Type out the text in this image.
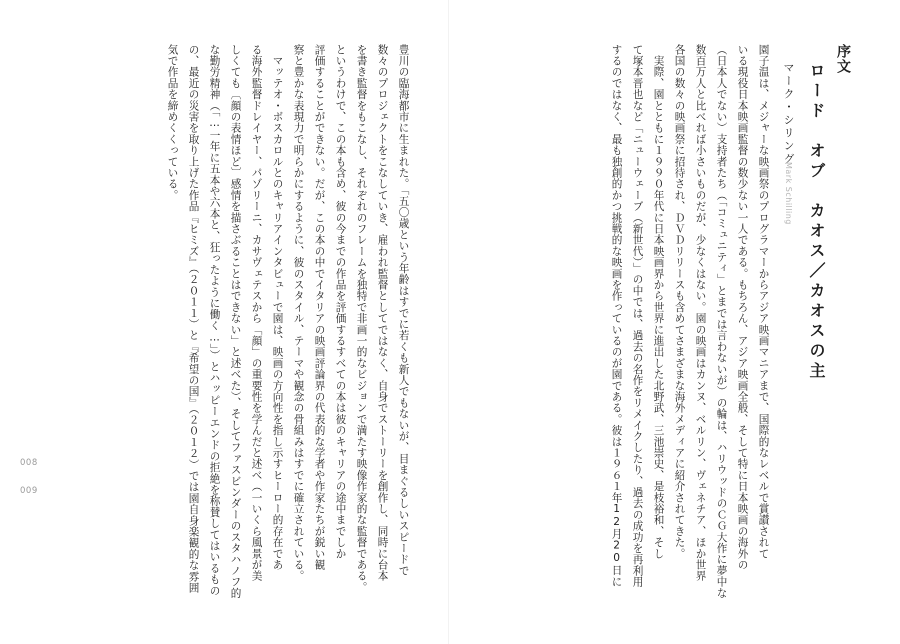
序文
ロード　オブ　カオス／カオスの主
マーク・シリング
Mark Schilling
園子温は、メジャーな映画祭のプログラマーからアジア映画マニアまで、国際的なレベルで賞讃されて
いる現役日本映画監督の数少ない一人である。もちろん、アジア映画全般、そして特に日本映画の海外の
（日本人でない）支持者たち（「コミュニティ」とまでは言わないが）の輪は、ハリウッドのＣＧ大作に夢中な
数百万人と比べれば小さいものだが、少なくはない。園の映画はカンヌ、ベルリン、ヴェネチア、ほか世界
各国の数々の映画祭に招待され、ＤＶＤリリースも含めてさまざまな海外メディアに紹介されてきた。
　実際、園とともに１９９０年代に日本映画界から世界に進出した北野武、三池崇史、是枝裕和、そし
て塚本晋也など「ニューウェーブ（新世代）」の中では、過去の名作をリメイクしたり、過去の成功を再利用
するのではなく、最も独創的かつ挑戦的な映画を作っているのが園である。彼は１９６１年12月20日に
豊川の臨海都市に生まれた。「五〇歳という年齢はすでに若くも新人でもないが、目まぐるしいスピードで
数々のプロジェクトをこなしていき、雇われ監督としてではなく、自身でストーリーを創作し、同時に台本
を書き監督をもこなし、それぞれのフレームを独特で非画一的なビジョンで満たす映像作家的な監督である。
というわけで、この本も含め、彼の今までの作品を評価するすべての本は彼のキャリアの途中までしか
評価することができない。だが、この本の中でイタリアの映画評論界の代表的な学者や作家たちが鋭い観
察と豊かな表現力で明らかにするように、彼のスタイル、テーマや観念の骨組みはすでに確立されている。
　マッテオ・ボスカロルとのキャリアインタビューで園は、映画の方向性を指し示すヒーロー的存在であ
る海外監督ドレイヤー、パゾリーニ、カサヴェテスから「顔」の重要性を学んだと述べ（一いくら風景が美
しくても〔顔の表情ほど〕感情を描さぶることはできない」と述べた）、そしてファスビンダーのスタハノフ的
な勤労精神（「…一年に五本や六本と、狂ったように働く…」）とハッピーエンドの拒絶を称賛してはいるもの
の、最近の災害を取り上げた作品『ヒミズ』（２０１１）と『希望の国』（２０１２）では園自身楽観的な雰囲
気で作品を締めくくっている。
008
009
